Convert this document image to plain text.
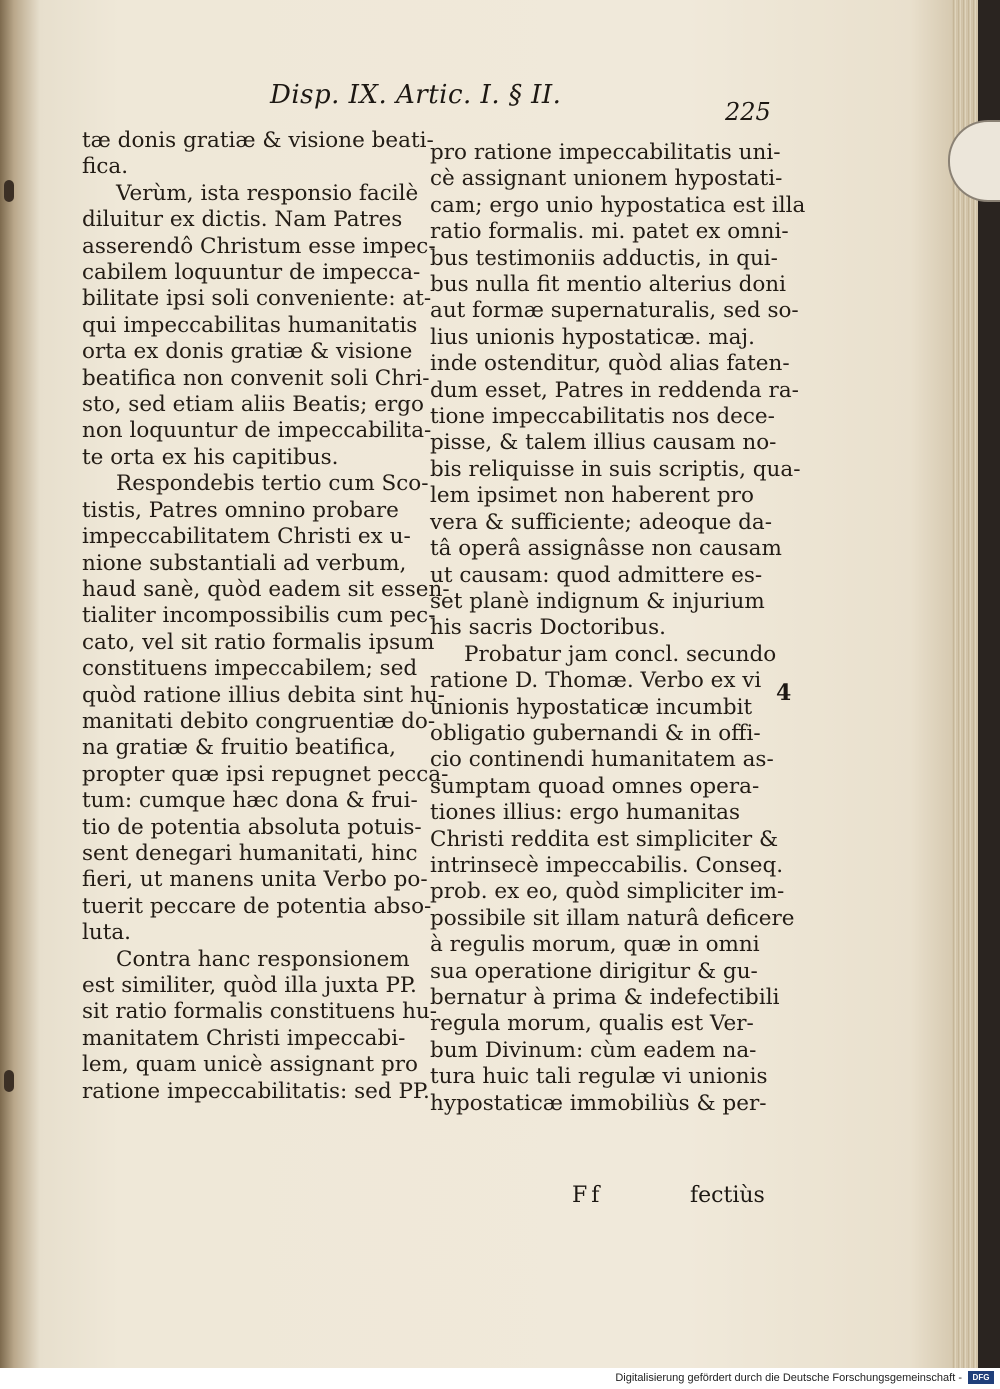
Disp. IX. Artic. I. § II.
225
tæ donis gratiæ & visione beati-
fica.
Verùm, ista responsio facilè
diluitur ex dictis. Nam Patres
asserendô Christum esse impec-
cabilem loquuntur de impecca-
bilitate ipsi soli conveniente: at-
qui impeccabilitas humanitatis
orta ex donis gratiæ & visione
beatifica non convenit soli Chri-
sto, sed etiam aliis Beatis; ergo
non loquuntur de impeccabilita-
te orta ex his capitibus.
Respondebis tertio cum Sco-
tistis, Patres omnino probare
impeccabilitatem Christi ex u-
nione substantiali ad verbum,
haud sanè, quòd eadem sit essen-
tialiter incompossibilis cum pec-
cato, vel sit ratio formalis ipsum
constituens impeccabilem; sed
quòd ratione illius debita sint hu-
manitati debito congruentiæ do-
na gratiæ & fruitio beatifica,
propter quæ ipsi repugnet pecca-
tum: cumque hæc dona & frui-
tio de potentia absoluta potuis-
sent denegari humanitati, hinc
fieri, ut manens unita Verbo po-
tuerit peccare de potentia abso-
luta.
Contra hanc responsionem
est similiter, quòd illa juxta PP.
sit ratio formalis constituens hu-
manitatem Christi impeccabi-
lem, quam unicè assignant pro
ratione impeccabilitatis: sed PP.
pro ratione impeccabilitatis uni-
cè assignant unionem hypostati-
cam; ergo unio hypostatica est illa
ratio formalis. mi. patet ex omni-
bus testimoniis adductis, in qui-
bus nulla fit mentio alterius doni
aut formæ supernaturalis, sed so-
lius unionis hypostaticæ. maj.
inde ostenditur, quòd alias faten-
dum esset, Patres in reddenda ra-
tione impeccabilitatis nos dece-
pisse, & talem illius causam no-
bis reliquisse in suis scriptis, qua-
lem ipsimet non haberent pro
vera & sufficiente; adeoque da-
tâ operâ assignâsse non causam
ut causam: quod admittere es-
set planè indignum & injurium
his sacris Doctoribus.
Probatur jam concl. secundo
ratione D. Thomæ. Verbo ex vi
unionis hypostaticæ incumbit
obligatio gubernandi & in offi-
cio continendi humanitatem as-
sumptam quoad omnes opera-
tiones illius: ergo humanitas
Christi reddita est simpliciter &
intrinsecè impeccabilis. Conseq.
prob. ex eo, quòd simpliciter im-
possibile sit illam naturâ deficere
à regulis morum, quæ in omni
sua operatione dirigitur & gu-
bernatur à prima & indefectibili
regula morum, qualis est Ver-
bum Divinum: cùm eadem na-
tura huic tali regulæ vi unionis
hypostaticæ immobiliùs & per-
4
Ff	fectiùs
Digitalisierung gefördert durch die Deutsche Forschungsgemeinschaft -	DFG
